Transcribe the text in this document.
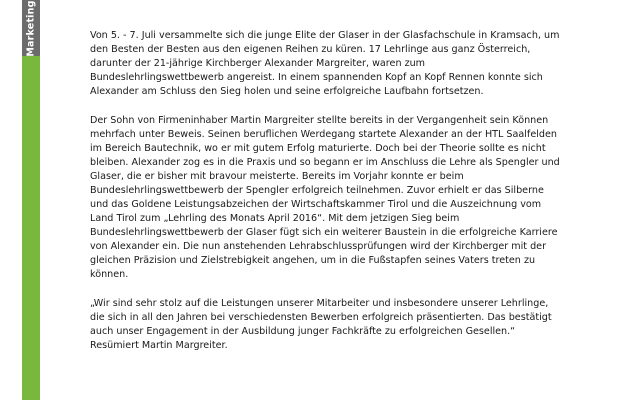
Marketing	Von 5. - 7. Juli versammelte sich die junge Elite der Glaser in der Glasfachschule in Kramsach, um den Besten der Besten aus den eigenen Reihen zu küren. 17 Lehrlinge aus ganz Österreich, darunter der 21-jährige Kirchberger Alexander Margreiter, waren zum Bundeslehrlingswettbewerb angereist. In einem spannenden Kopf an Kopf Rennen konnte sich Alexander am Schluss den Sieg holen und seine erfolgreiche Laufbahn fortsetzen.

Der Sohn von Firmeninhaber Martin Margreiter stellte bereits in der Vergangenheit sein Können mehrfach unter Beweis. Seinen beruflichen Werdegang startete Alexander an der HTL Saalfelden im Bereich Bautechnik, wo er mit gutem Erfolg maturierte. Doch bei der Theorie sollte es nicht bleiben. Alexander zog es in die Praxis und so begann er im Anschluss die Lehre als Spengler und Glaser, die er bisher mit bravour meisterte. Bereits im Vorjahr konnte er beim Bundeslehrlingswettbewerb der Spengler erfolgreich teilnehmen. Zuvor erhielt er das Silberne und das Goldene Leistungsabzeichen der Wirtschaftskammer Tirol und die Auszeichnung vom Land Tirol zum „Lehrling des Monats April 2016“. Mit dem jetzigen Sieg beim Bundeslehrlingswettbewerb der Glaser fügt sich ein weiterer Baustein in die erfolgreiche Karriere von Alexander ein. Die nun anstehenden Lehrabschlussprüfungen wird der Kirchberger mit der gleichen Präzision und Zielstrebigkeit angehen, um in die Fußstapfen seines Vaters treten zu können.

„Wir sind sehr stolz auf die Leistungen unserer Mitarbeiter und insbesondere unserer Lehrlinge, die sich in all den Jahren bei verschiedensten Bewerben erfolgreich präsentierten. Das bestätigt auch unser Engagement in der Ausbildung junger Fachkräfte zu erfolgreichen Gesellen.“ Resümiert Martin Margreiter.
